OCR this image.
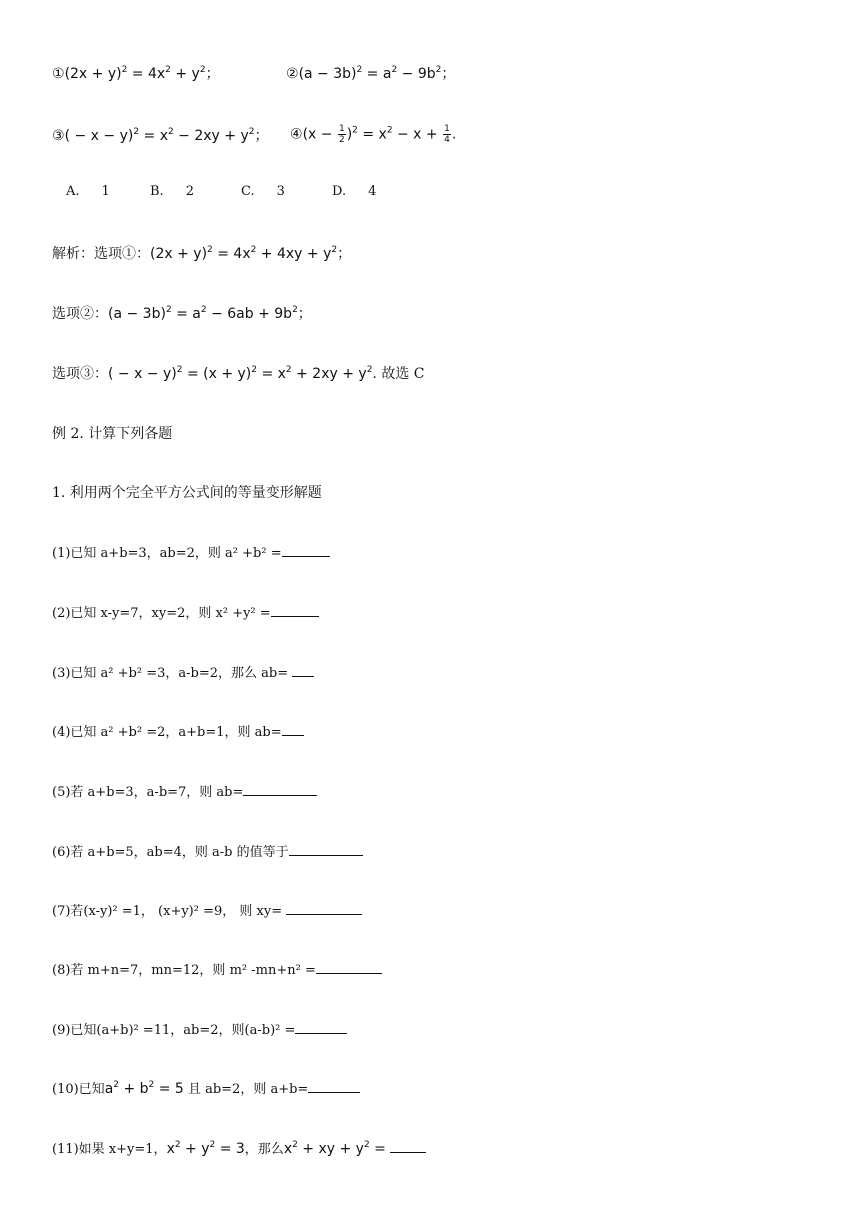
①(2x + $y)^2 = 4x^2 + y^2$；	②(a − $3b)^2 = a^2 - 9b^2$；
③( − $x - y)^2 = x^2 - 2xy + y^2$； ④(x − $\frac{1}{2} )^2 = x^2 - x + \frac{1}{4}$ .
A. 1	B. 2	C. 3	D. 4
解析：选项①：$(2x + y)^2 = 4x^2 + 4xy + y^2$；
选项②：$(a - 3b)^2 = a^2 - 6ab + 9b^2$；
选项③：( − $x - y)^2 = (x + y)^2 = x^2 + 2xy + y^2$. 故选 C
例 2. 计算下列各题
1. 利用两个完全平方公式间的等量变形解题
(1)已知 a+b=3，ab=2，则 a² +b² =
(2)已知 x-y=7，xy=2，则 x² +y² =
(3)已知 a² +b² =3，a-b=2，那么 ab=
(4)已知 a² +b² =2，a+b=1，则 ab=
(5)若 a+b=3，a-b=7，则 ab=
(6)若 a+b=5，ab=4，则 a-b 的值等于
(7)若(x-y)² =1， (x+y)² =9， 则 xy=
(8)若 m+n=7，mn=12，则 m² -mn+n² =
(9)已知(a+b)² =11，ab=2，则(a-b)² =
(10)已知$a^2 + b^2 = 5$ 且 ab=2，则 a+b=
(11)如果 x+y=1，$x^2 + y^2 = 3$，那么$x^2$ + xy + $y^2$ =
